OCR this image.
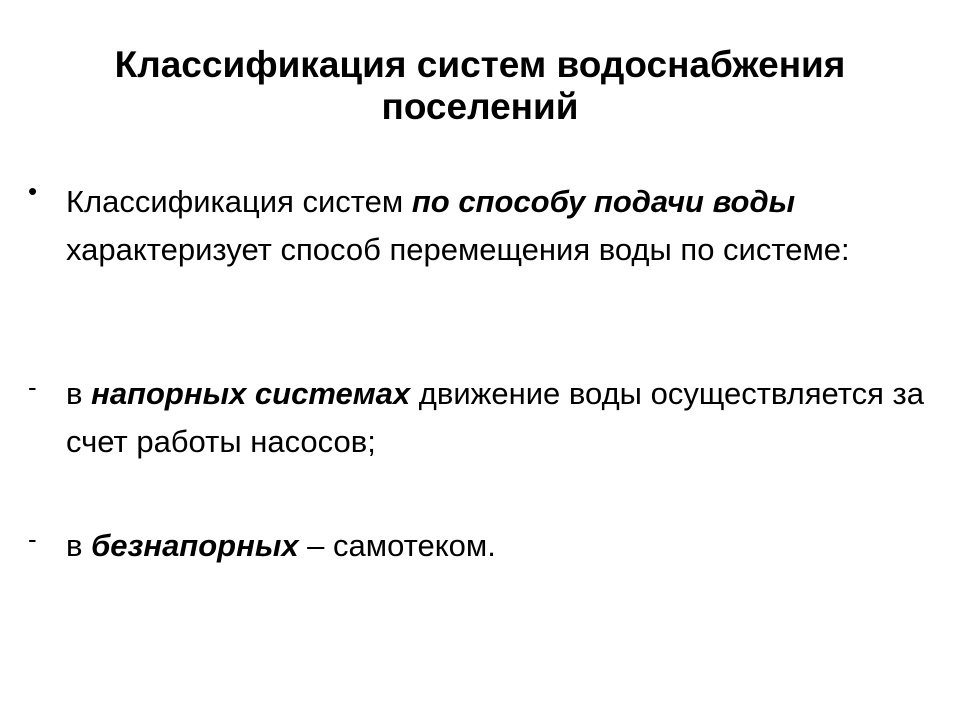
Классификация систем водоснабжения
поселений
• Классификация систем по способу подачи воды характеризует способ перемещения воды по системе:
- в напорных системах движение воды осуществляется за счет работы насосов;
- в безнапорных – самотеком.
